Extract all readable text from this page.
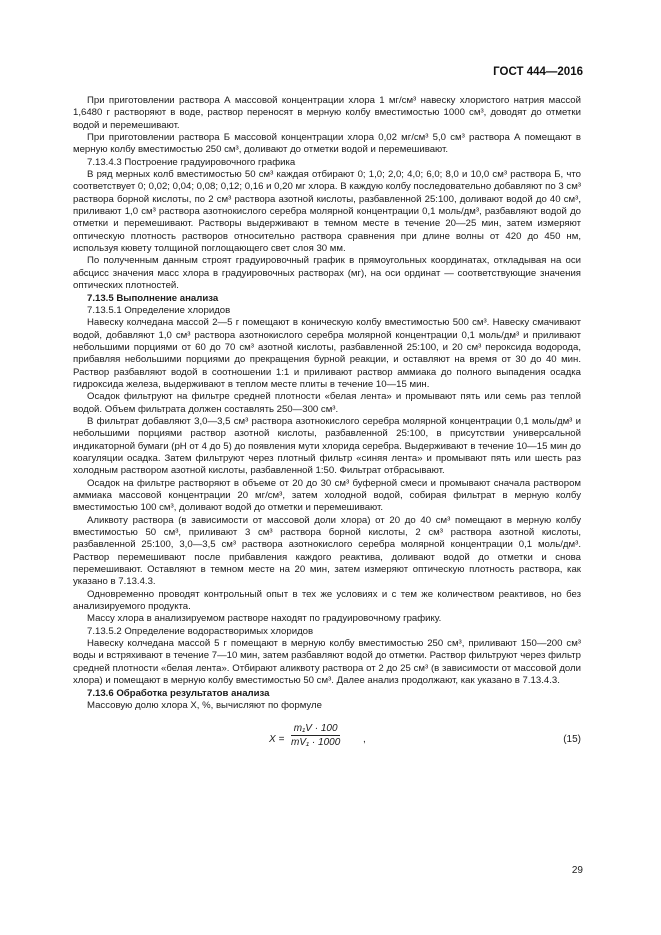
ГОСТ 444—2016

При приготовлении раствора А массовой концентрации хлора 1 мг/см³ навеску хлористого натрия массой 1,6480 г растворяют в воде, раствор переносят в мерную колбу вместимостью 1000 см³, доводят до отметки водой и перемешивают.

При приготовлении раствора Б массовой концентрации хлора 0,02 мг/см³ 5,0 см³ раствора А помещают в мерную колбу вместимостью 250 см³, доливают до отметки водой и перемешивают.

7.13.4.3 Построение градуировочного графика

В ряд мерных колб вместимостью 50 см³ каждая отбирают 0; 1,0; 2,0; 4,0; 6,0; 8,0 и 10,0 см³ раствора Б, что соответствует 0; 0,02; 0,04; 0,08; 0,12; 0,16 и 0,20 мг хлора. В каждую колбу последовательно добавляют по 3 см³ раствора борной кислоты, по 2 см³ раствора азотной кислоты, разбавленной 25:100, доливают водой до 40 см³, приливают 1,0 см³ раствора азотнокислого серебра молярной концентрации 0,1 моль/дм³, разбавляют водой до отметки и перемешивают. Растворы выдерживают в темном месте в течение 20—25 мин, затем измеряют оптическую плотность растворов относительно раствора сравнения при длине волны от 420 до 450 нм, используя кювету толщиной поглощающего свет слоя 30 мм.

По полученным данным строят градуировочный график в прямоугольных координатах, откладывая на оси абсцисс значения масс хлора в градуировочных растворах (мг), на оси ординат — соответствующие значения оптических плотностей.

7.13.5 Выполнение анализа

7.13.5.1 Определение хлоридов

Навеску колчедана массой 2—5 г помещают в коническую колбу вместимостью 500 см³. Навеску смачивают водой, добавляют 1,0 см³ раствора азотнокислого серебра молярной концентрации 0,1 моль/дм³ и приливают небольшими порциями от 60 до 70 см³ азотной кислоты, разбавленной 25:100, и 20 см³ пероксида водорода, прибавляя небольшими порциями до прекращения бурной реакции, и оставляют на время от 30 до 40 мин. Раствор разбавляют водой в соотношении 1:1 и приливают раствор аммиака до полного выпадения осадка гидроксида железа, выдерживают в теплом месте плиты в течение 10—15 мин.

Осадок фильтруют на фильтре средней плотности «белая лента» и промывают пять или семь раз теплой водой. Объем фильтрата должен составлять 250—300 см³.

В фильтрат добавляют 3,0—3,5 см³ раствора азотнокислого серебра молярной концентрации 0,1 моль/дм³ и небольшими порциями раствор азотной кислоты, разбавленной 25:100, в присутствии универсальной индикаторной бумаги (pH от 4 до 5) до появления мути хлорида серебра. Выдерживают в течение 10—15 мин до коагуляции осадка. Затем фильтруют через плотный фильтр «синяя лента» и промывают пять или шесть раз холодным раствором азотной кислоты, разбавленной 1:50. Фильтрат отбрасывают.

Осадок на фильтре растворяют в объеме от 20 до 30 см³ буферной смеси и промывают сначала раствором аммиака массовой концентрации 20 мг/см³, затем холодной водой, собирая фильтрат в мерную колбу вместимостью 100 см³, доливают водой до отметки и перемешивают.

Аликвоту раствора (в зависимости от массовой доли хлора) от 20 до 40 см³ помещают в мерную колбу вместимостью 50 см³, приливают 3 см³ раствора борной кислоты, 2 см³ раствора азотной кислоты, разбавленной 25:100, 3,0—3,5 см³ раствора азотнокислого серебра молярной концентрации 0,1 моль/дм³. Раствор перемешивают после прибавления каждого реактива, доливают водой до отметки и снова перемешивают. Оставляют в темном месте на 20 мин, затем измеряют оптическую плотность раствора, как указано в 7.13.4.3.

Одновременно проводят контрольный опыт в тех же условиях и с тем же количеством реактивов, но без анализируемого продукта.

Массу хлора в анализируемом растворе находят по градуировочному графику.

7.13.5.2 Определение водорастворимых хлоридов

Навеску колчедана массой 5 г помещают в мерную колбу вместимостью 250 см³, приливают 150—200 см³ воды и встряхивают в течение 7—10 мин, затем разбавляют водой до отметки. Раствор фильтруют через фильтр средней плотности «белая лента». Отбирают аликвоту раствора от 2 до 25 см³ (в зависимости от массовой доли хлора) и помещают в мерную колбу вместимостью 50 см³. Далее анализ продолжают, как указано в 7.13.4.3.

7.13.6 Обработка результатов анализа

Массовую долю хлора X, %, вычисляют по формуле

$X = \frac{\text{m₁V · 100}}{\text{mV₁ · 1000}}$ ,	(15)
29
